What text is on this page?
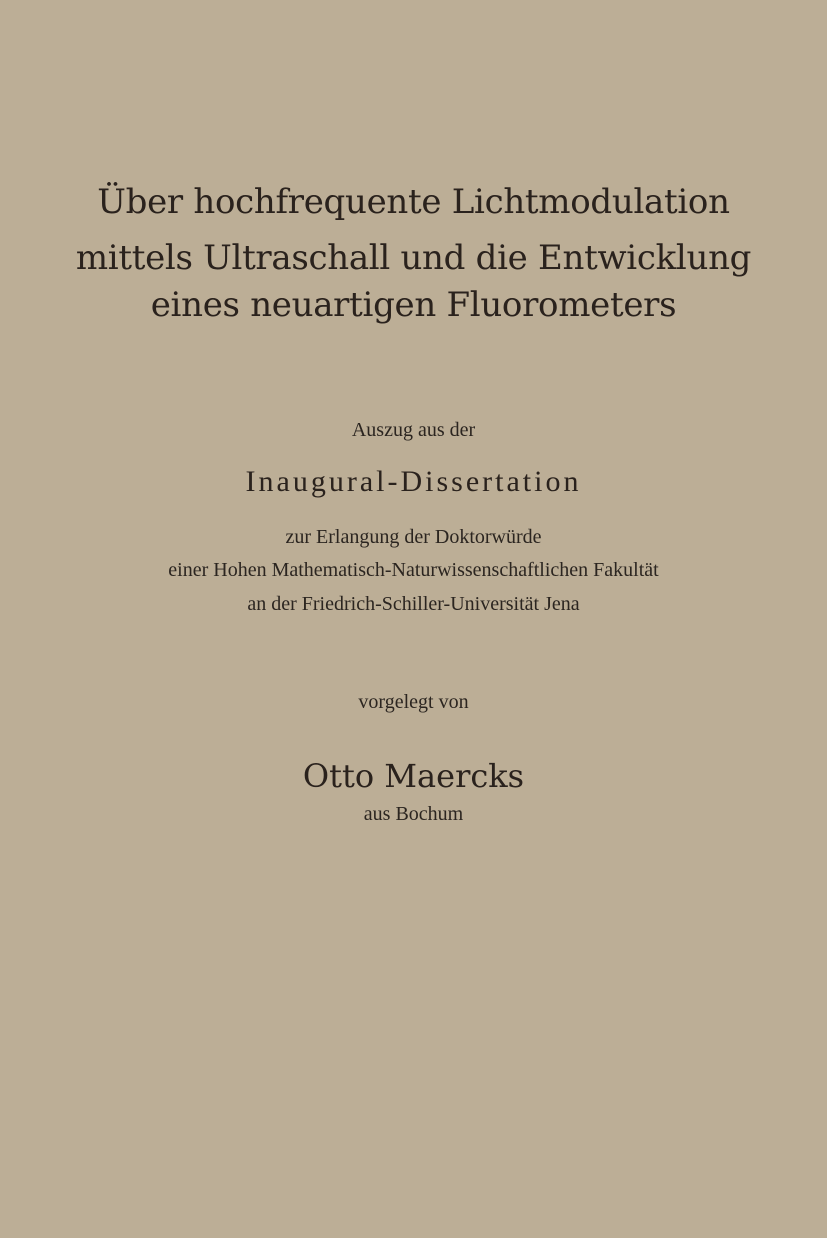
Über hochfrequente Lichtmodulation
mittels Ultraschall und die Entwicklung
eines neuartigen Fluorometers
Auszug aus der
Inaugural-Dissertation
zur Erlangung der Doktorwürde
einer Hohen Mathematisch-Naturwissenschaftlichen Fakultät
an der Friedrich-Schiller-Universität Jena
vorgelegt von
Otto Maercks
aus Bochum
